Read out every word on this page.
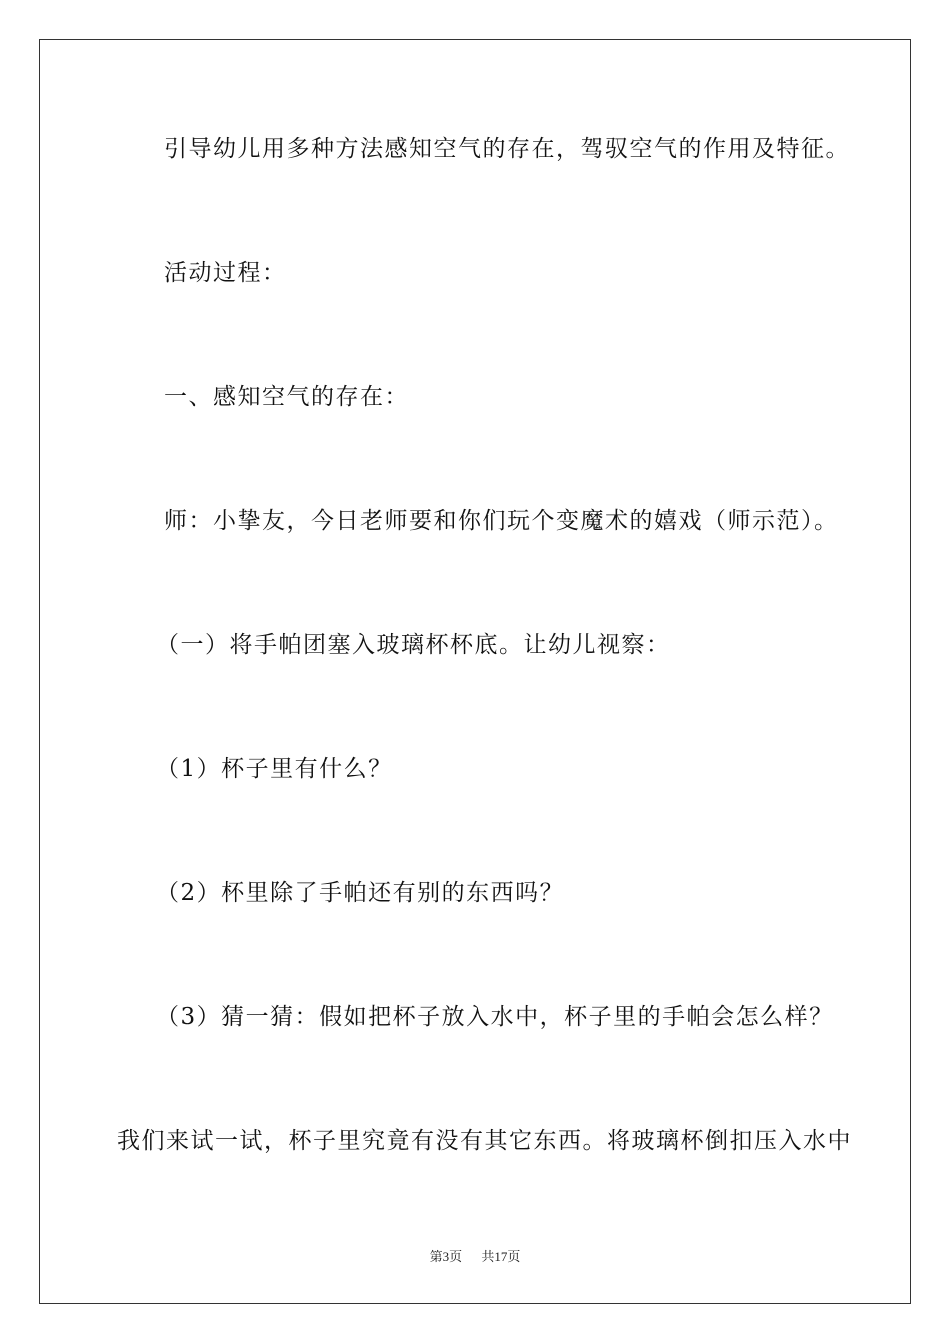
引导幼儿用多种方法感知空气的存在，驾驭空气的作用及特征。

活动过程：

一、感知空气的存在：

师：小挚友，今日老师要和你们玩个变魔术的嬉戏（师示范）。

（一）将手帕团塞入玻璃杯杯底。让幼儿视察：

（1）杯子里有什么？

（2）杯里除了手帕还有别的东西吗？

（3）猜一猜：假如把杯子放入水中，杯子里的手帕会怎么样？

我们来试一试，杯子里究竟有没有其它东西。将玻璃杯倒扣压入水中

第3页 共17页
